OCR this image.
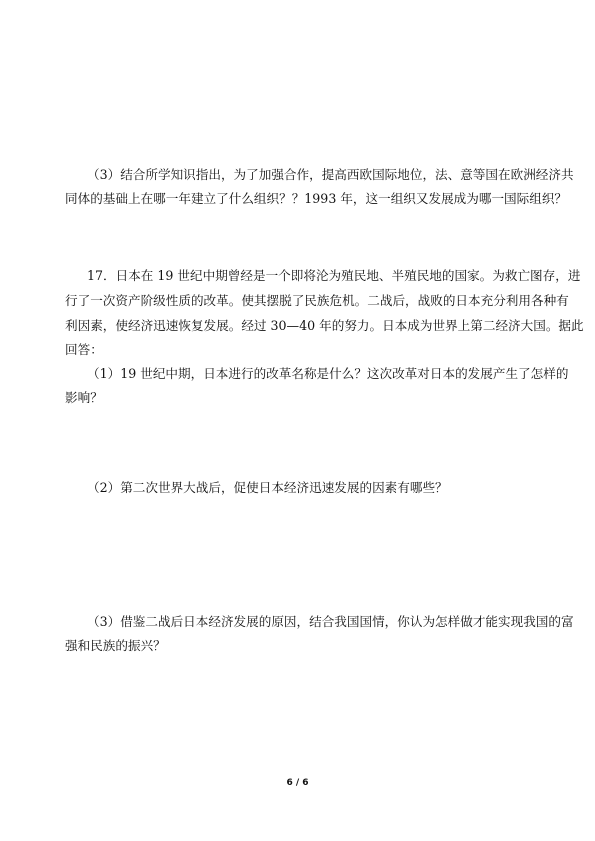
（3）结合所学知识指出，为了加强合作，提高西欧国际地位，法、意等国在欧洲经济共

同体的基础上在哪一年建立了什么组织？？1993 年，这一组织又发展成为哪一国际组织？

17．日本在 19 世纪中期曾经是一个即将沦为殖民地、半殖民地的国家。为救亡图存，进

行了一次资产阶级性质的改革。使其摆脱了民族危机。二战后，战败的日本充分利用各种有

利因素，使经济迅速恢复发展。经过 30—40 年的努力。日本成为世界上第二经济大国。据此

回答：

（1）19 世纪中期，日本进行的改革名称是什么？这次改革对日本的发展产生了怎样的

影响？

（2）第二次世界大战后，促使日本经济迅速发展的因素有哪些？

（3）借鉴二战后日本经济发展的原因，结合我国国情，你认为怎样做才能实现我国的富

强和民族的振兴？

6 / 6
